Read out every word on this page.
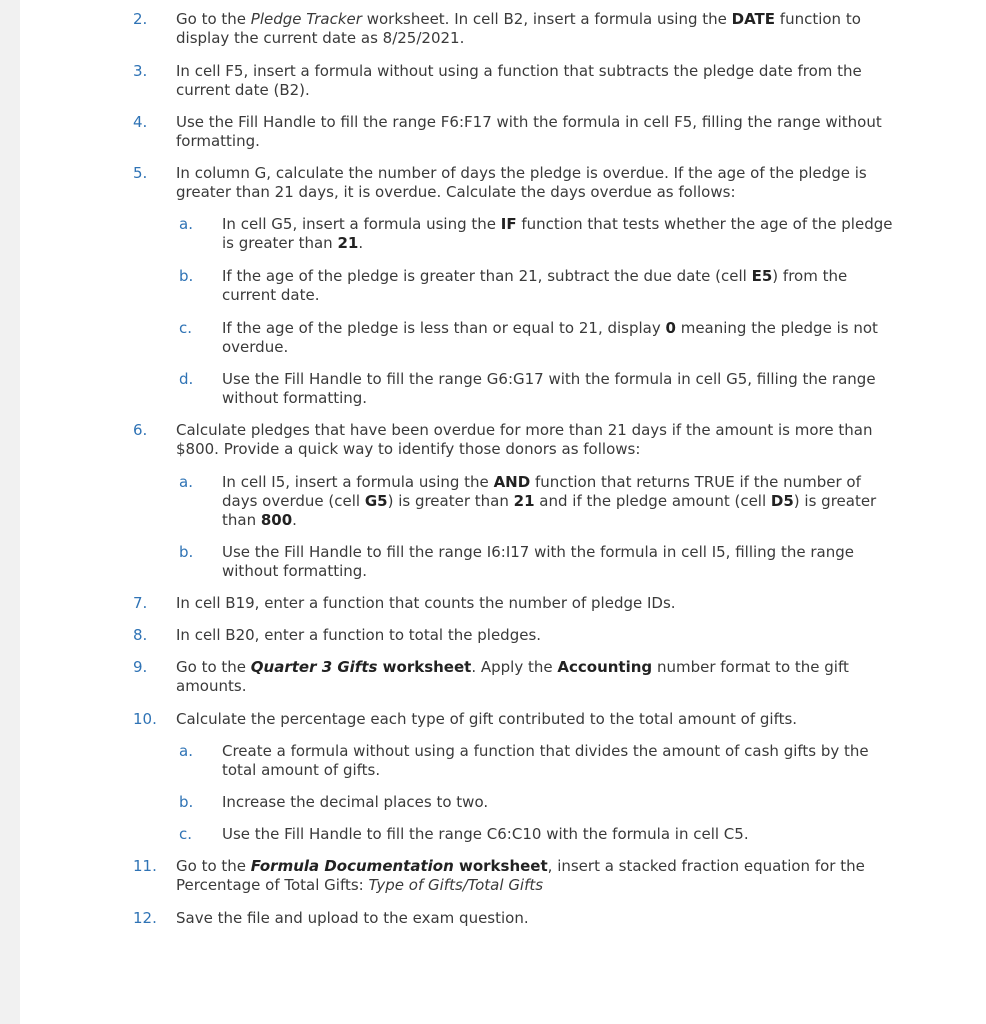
2.	Go to the Pledge Tracker worksheet. In cell B2, insert a formula using the DATE function to display the current date as 8/25/2021.
3.	In cell F5, insert a formula without using a function that subtracts the pledge date from the current date (B2).
4.	Use the Fill Handle to fill the range F6:F17 with the formula in cell F5, filling the range without formatting.
5.	In column G, calculate the number of days the pledge is overdue. If the age of the pledge is greater than 21 days, it is overdue. Calculate the days overdue as follows:
a.	In cell G5, insert a formula using the IF function that tests whether the age of the pledge is greater than 21.
b.	If the age of the pledge is greater than 21, subtract the due date (cell E5) from the current date.
c.	If the age of the pledge is less than or equal to 21, display 0 meaning the pledge is not overdue.
d.	Use the Fill Handle to fill the range G6:G17 with the formula in cell G5, filling the range without formatting.
6.	Calculate pledges that have been overdue for more than 21 days if the amount is more than $800. Provide a quick way to identify those donors as follows:
a.	In cell I5, insert a formula using the AND function that returns TRUE if the number of days overdue (cell G5) is greater than 21 and if the pledge amount (cell D5) is greater than 800.
b.	Use the Fill Handle to fill the range I6:I17 with the formula in cell I5, filling the range without formatting.
7.	In cell B19, enter a function that counts the number of pledge IDs.
8.	In cell B20, enter a function to total the pledges.
9.	Go to the Quarter 3 Gifts worksheet. Apply the Accounting number format to the gift amounts.
10.	Calculate the percentage each type of gift contributed to the total amount of gifts.
a.	Create a formula without using a function that divides the amount of cash gifts by the total amount of gifts.
b.	Increase the decimal places to two.
c.	Use the Fill Handle to fill the range C6:C10 with the formula in cell C5.
11.	Go to the Formula Documentation worksheet, insert a stacked fraction equation for the Percentage of Total Gifts: Type of Gifts/Total Gifts
12.	Save the file and upload to the exam question.
